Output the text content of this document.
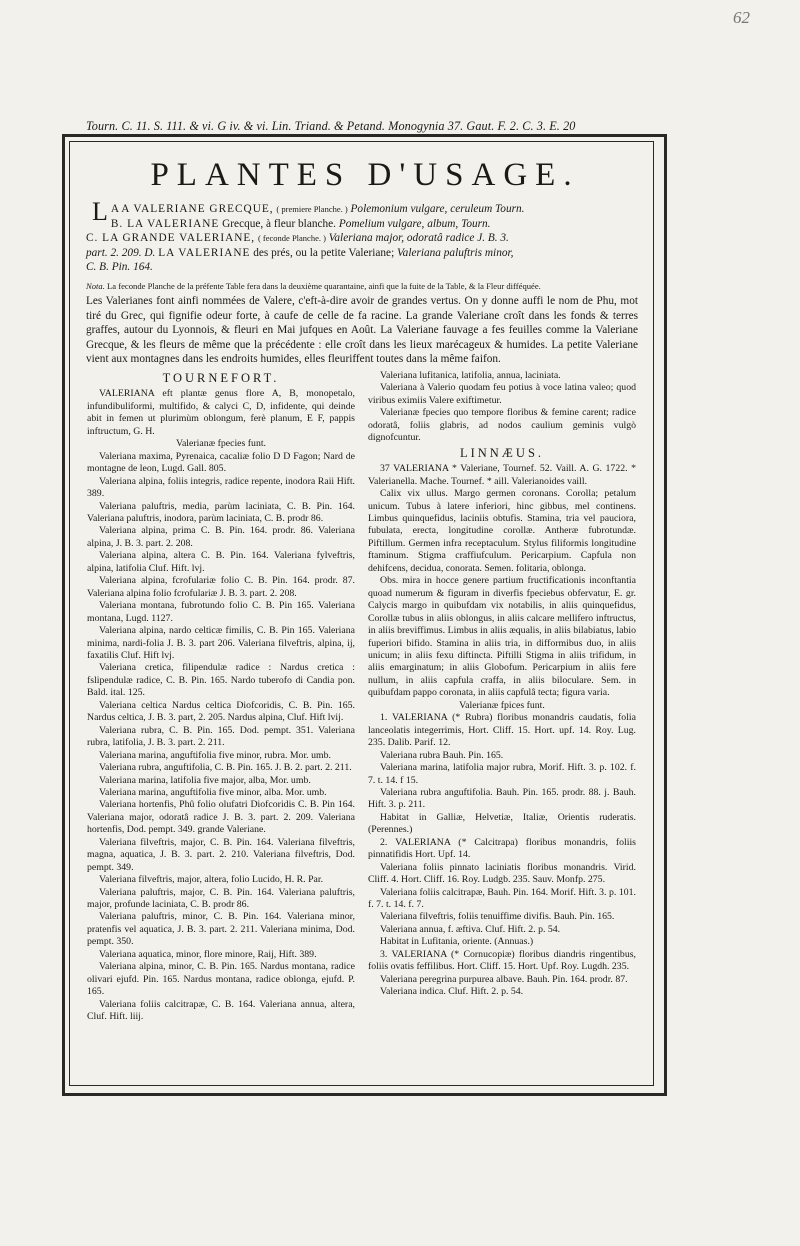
62
Tourn. C. 11. S. 111. & vi. G iv. & vi. Lin. Triand. & Petand. Monogynia 37. Gaut. F. 2. C. 3. E. 20
PLANTES D'USAGE.

A
L A VALERIANE GRECQUE, ( premiere Planche. ) Polemonium vulgare, ceruleum Tourn.
B. LA VALERIANE Grecque, à fleur blanche. Pomelium vulgare, album, Tourn.
C. LA GRANDE VALERIANE, ( feconde Planche. ) Valeriana major, odoratâ radice J. B. 3.
part. 2. 209. D. LA VALERIANE des prés, ou la petite Valeriane; Valeriana paluftris minor,
C. B. Pin. 164.

Nota. La feconde Planche de la préfente Table fera dans la deuxième quarantaine, ainfi que la fuite de la Table, & la Fleur difféquée.
Les Valerianes font ainfi nommées de Valere, c'eft-à-dire avoir de grandes vertus. On y donne auffi le nom de Phu, mot tiré du Grec, qui fignifie odeur forte, à caufe de celle de fa racine. La grande Valeriane croît dans les fonds & terres graffes, autour du Lyonnois, & fleuri en Mai jufques en Août. La Valeriane fauvage a fes feuilles comme la Valeriane Grecque, & les fleurs de même que la précédente : elle croît dans les lieux marécageux & humides. La petite Valeriane vient aux montagnes dans les endroits humides, elles fleuriffent toutes dans la même faifon.

TOURNEFORT.

VALERIANA eft plantæ genus flore A, B, monopetalo, infundibuliformi, multifido, & calyci C, D, infidente, qui deinde abit in femen ut plurimùm oblongum, ferè planum, E F, pappis inftructum, G. H.

Valerianæ fpecies funt.

Valeriana maxima, Pyrenaica, cacaliæ folio D D Fagon; Nard de montagne de leon, Lugd. Gall. 805.

Valeriana alpina, foliis integris, radice repente, inodora Raii Hift. 389.

Valeriana paluftris, media, parùm laciniata, C. B. Pin. 164. Valeriana paluftris, inodora, parùm laciniata, C. B. prodr 86.

Valeriana alpina, prima C. B. Pin. 164. prodr. 86. Valeriana alpina, J. B. 3. part. 2. 208.

Valeriana alpina, altera C. B. Pin. 164. Valeriana fylveftris, alpina, latifolia Cluf. Hift. lvj.

Valeriana alpina, fcrofulariæ folio C. B. Pin. 164. prodr. 87. Valeriana alpina folio fcrofulariæ J. B. 3. part. 2. 208.

Valeriana montana, fubrotundo folio C. B. Pin 165. Valeriana montana, Lugd. 1127.

Valeriana alpina, nardo celticæ fimilis, C. B. Pin 165. Valeriana minima, nardi-folia J. B. 3. part 206. Valeriana filveftris, alpina, ij, faxatilis Cluf. Hift lvj.

Valeriana cretica, filipendulæ radice : Nardus cretica : fslipendulæ radice, C. B. Pin. 165. Nardo tuberofo di Candia pon. Bald. ital. 125.

Valeriana celtica Nardus celtica Diofcoridis, C. B. Pin. 165. Nardus celtica, J. B. 3. part, 2. 205. Nardus alpina, Cluf. Hift lvij.

Valeriana rubra, C. B. Pin. 165. Dod. pempt. 351. Valeriana rubra, latifolia, J. B. 3. part. 2. 211.

Valeriana marina, anguftifolia five minor, rubra. Mor. umb.

Valeriana rubra, anguftifolia, C. B. Pin. 165. J. B. 2. part. 2. 211.

Valeriana marina, latifolia five major, alba, Mor. umb.

Valeriana marina, anguftifolia five minor, alba. Mor. umb.

Valeriana hortenfis, Phû folio olufatri Diofcoridis C. B. Pin 164. Valeriana major, odoratâ radice J. B. 3. part. 2. 209. Valeriana hortenfis, Dod. pempt. 349. grande Valeriane.

Valeriana filveftris, major, C. B. Pin. 164. Valeriana filveftris, magna, aquatica, J. B. 3. part. 2. 210. Valeriana filveftris, Dod. pempt. 349.

Valeriana filveftris, major, altera, folio Lucido, H. R. Par.

Valeriana paluftris, major, C. B. Pin. 164. Valeriana paluftris, major, profunde laciniata, C. B. prodr 86.

Valeriana paluftris, minor, C. B. Pin. 164. Valeriana minor, pratenfis vel aquatica, J. B. 3. part. 2. 211. Valeriana minima, Dod. pempt. 350.

Valeriana aquatica, minor, flore minore, Raij, Hift. 389.

Valeriana alpina, minor, C. B. Pin. 165. Nardus montana, radice olivari ejufd. Pin. 165. Nardus montana, radice oblonga, ejufd. P. 165.

Valeriana foliis calcitrapæ, C. B. 164. Valeriana annua, altera, Cluf. Hift. liij.

Valeriana lufitanica, latifolia, annua, laciniata.

Valeriana à Valerio quodam feu potius à voce latina valeo; quod viribus eximiis Valere exiftimetur.

Valerianæ fpecies quo tempore floribus & femine carent; radice odoratâ, foliis glabris, ad nodos caulium geminis vulgò dignofcuntur.

LINNÆUS.

37 VALERIANA * Valeriane, Tournef. 52. Vaill. A. G. 1722. * Valerianella. Mache. Tournef. * aill. Valerianoides vaill.

Calix vix ullus. Margo germen coronans. Corolla; petalum unicum. Tubus à latere inferiori, hinc gibbus, mel continens. Limbus quinquefidus, laciniis obtufis. Stamina, tria vel pauciora, fubulata, erecta, longitudine corollæ. Antheræ fubrotundæ. Piftillum. Germen infra receptaculum. Stylus filiformis longitudine ftaminum. Stigma craffiufculum. Pericarpium. Capfula non dehifcens, decidua, conorata. Semen. folitaria, oblonga.

Obs. mira in hocce genere partium fructificationis inconftantia quoad numerum & figuram in diverfis fpeciebus obfervatur, E. gr. Calycis margo in quibufdam vix notabilis, in aliis quinquefidus, Corollæ tubus in aliis oblongus, in aliis calcare mellifero inftructus, in aliis breviffimus. Limbus in aliis æqualis, in aliis bilabiatus, labio fuperiori bifido. Stamina in aliis tria, in difformibus duo, in aliis unicum; in aliis fexu diftincta. Piftilli Stigma in aliis trifidum, in aliis emarginatum; in aliis Globofum. Pericarpium in aliis fere nullum, in aliis capfula craffa, in aliis biloculare. Sem. in quibufdam pappo coronata, in aliis capfulâ tecta; figura varia.

Valerianæ fpices funt.

1. VALERIANA (* Rubra) floribus monandris caudatis, folia lanceolatis integerrimis, Hort. Cliff. 15. Hort. upf. 14. Roy. Lug. 235. Dalib. Parif. 12.

Valeriana rubra Bauh. Pin. 165.

Valeriana marina, latifolia major rubra, Morif. Hift. 3. p. 102. f. 7. t. 14. f 15.

Valeriana rubra anguftifolia. Bauh. Pin. 165. prodr. 88. j. Bauh. Hift. 3. p. 211.

Habitat in Galliæ, Helvetiæ, Italiæ, Orientis ruderatis. (Perennes.)

2. VALERIANA (* Calcitrapa) floribus monandris, foliis pinnatifidis Hort. Upf. 14.

Valeriana foliis pinnato laciniatis floribus monandris. Virid. Cliff. 4. Hort. Cliff. 16. Roy. Ludgb. 235. Sauv. Monfp. 275.

Valeriana foliis calcitrapæ, Bauh. Pin. 164. Morif. Hift. 3. p. 101. f. 7. t. 14. f. 7.

Valeriana filveftris, foliis tenuiffime divifis. Bauh. Pin. 165.

Valeriana annua, f. æftiva. Cluf. Hift. 2. p. 54.

Habitat in Lufitania, oriente. (Annuas.)

3. VALERIANA (* Cornucopiæ) floribus diandris ringentibus, foliis ovatis feffilibus. Hort. Cliff. 15. Hort. Upf. Roy. Lugdh. 235.

Valeriana peregrina purpurea albave. Bauh. Pin. 164. prodr. 87.

Valeriana indica. Cluf. Hift. 2. p. 54.
